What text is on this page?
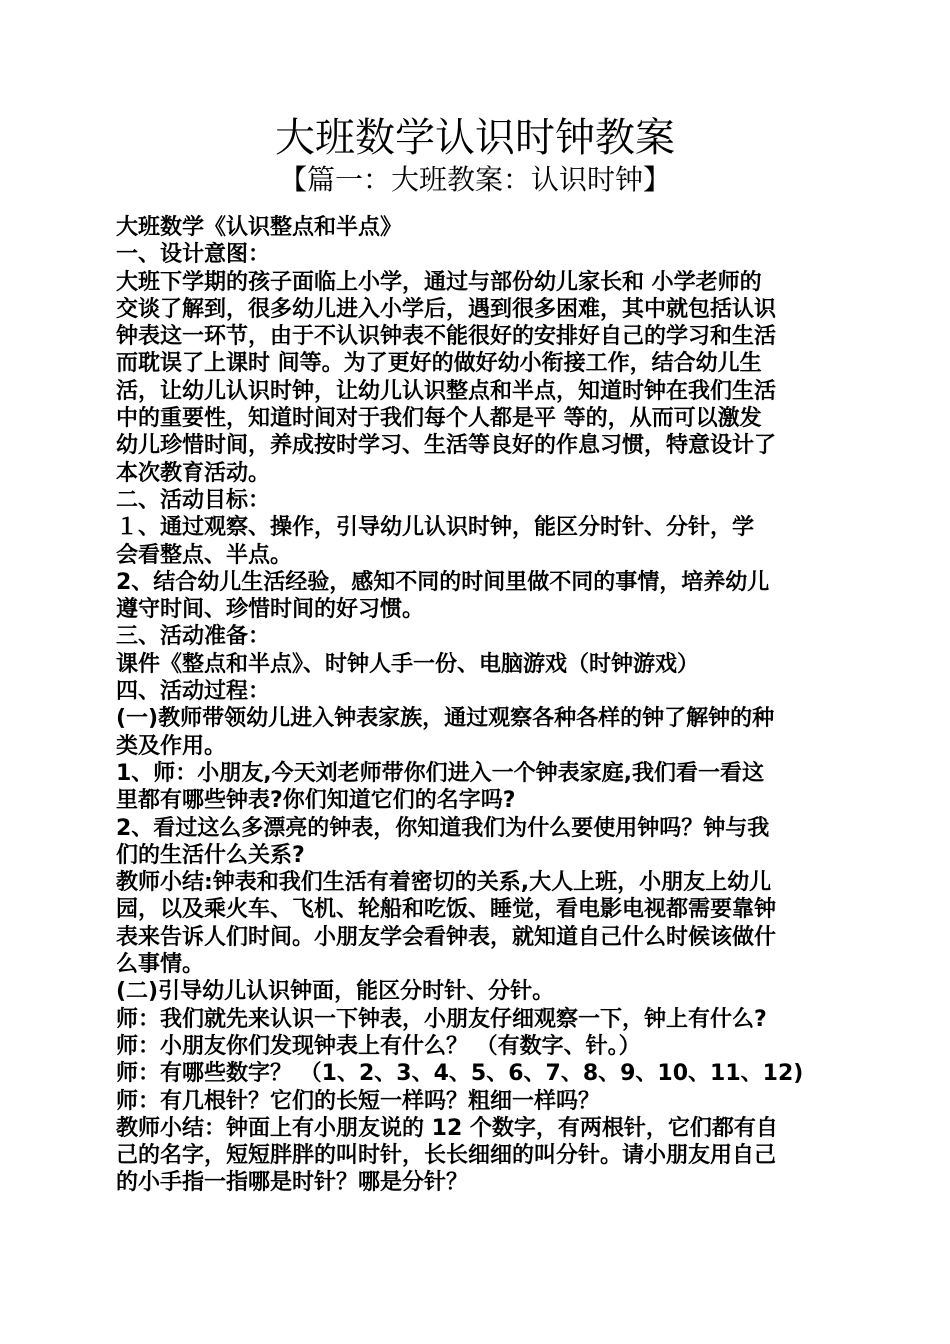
大班数学认识时钟教案
【篇一：大班教案：认识时钟】

大班数学《认识整点和半点》

一、设计意图：

大班下学期的孩子面临上小学，通过与部份幼儿家长和 小学老师的

交谈了解到，很多幼儿进入小学后，遇到很多困难，其中就包括认识

钟表这一环节，由于不认识钟表不能很好的安排好自己的学习和生活

而耽误了上课时 间等。为了更好的做好幼小衔接工作，结合幼儿生

活，让幼儿认识时钟，让幼儿认识整点和半点，知道时钟在我们生活

中的重要性，知道时间对于我们每个人都是平 等的，从而可以激发

幼儿珍惜时间，养成按时学习、生活等良好的作息习惯，特意设计了

本次教育活动。

二、活动目标：

１、通过观察、操作，引导幼儿认识时钟，能区分时针、分针，学

会看整点、半点。

2、结合幼儿生活经验，感知不同的时间里做不同的事情，培养幼儿

遵守时间、珍惜时间的好习惯。

三、活动准备：

课件《整点和半点》、时钟人手一份、电脑游戏（时钟游戏）

四、活动过程：

(一)教师带领幼儿进入钟表家族，通过观察各种各样的钟了解钟的种

类及作用。

1、师：小朋友,今天刘老师带你们进入一个钟表家庭,我们看一看这

里都有哪些钟表?你们知道它们的名字吗?

2、看过这么多漂亮的钟表，你知道我们为什么要使用钟吗？钟与我

们的生活什么关系?

教师小结:钟表和我们生活有着密切的关系,大人上班，小朋友上幼儿

园，以及乘火车、飞机、轮船和吃饭、睡觉，看电影电视都需要靠钟

表来告诉人们时间。小朋友学会看钟表，就知道自己什么时候该做什

么事情。

(二)引导幼儿认识钟面，能区分时针、分针。

师：我们就先来认识一下钟表，小朋友仔细观察一下，钟上有什么?

师：小朋友你们发现钟表上有什么？ （有数字、针。）

师：有哪些数字？ （1、2、3、4、5、6、7、8、9、10、11、12)

师：有几根针？它们的长短一样吗？粗细一样吗？

教师小结：钟面上有小朋友说的 12 个数字，有两根针，它们都有自

己的名字，短短胖胖的叫时针，长长细细的叫分针。请小朋友用自己

的小手指一指哪是时针？哪是分针？
